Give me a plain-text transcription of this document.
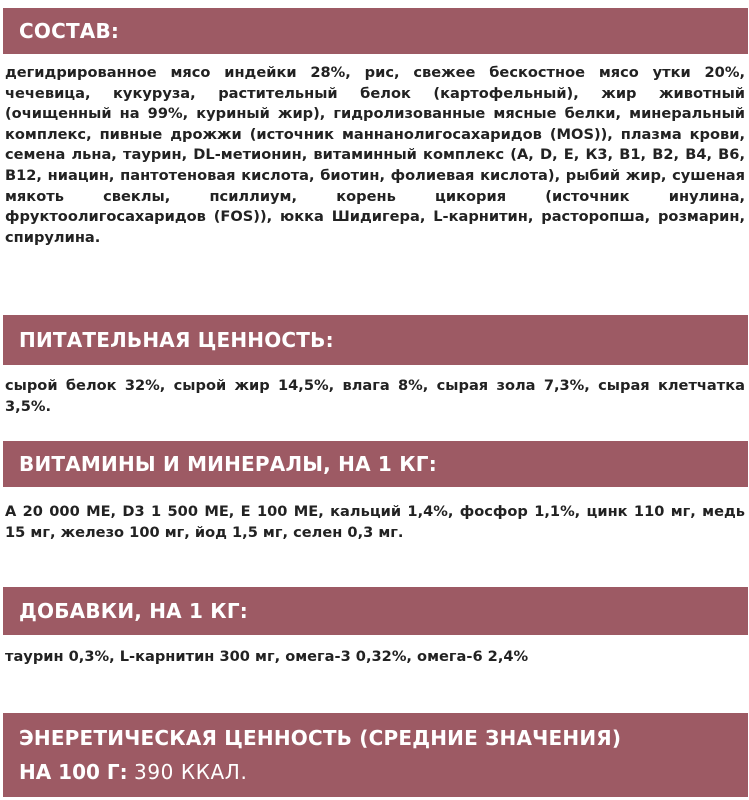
СОСТАВ:
дегидрированное мясо индейки 28%, рис, свежее бескостное мясо утки 20%, чечевица, кукуруза, растительный белок (картофельный), жир животный (очищенный на 99%, куриный жир), гидролизованные мясные белки, минеральный комплекс, пивные дрожжи (источник маннанолигосахаридов (MOS)), плазма крови, семена льна, таурин, DL-метионин, витаминный комплекс (А, D, Е, К3, В1, В2, В4, В6, В12, ниацин, пантотеновая кислота, биотин, фолиевая кислота), рыбий жир, сушеная мякоть свеклы, псиллиум, корень цикория (источник инулина, фруктоолигосахаридов (FOS)), юкка Шидигера, L-карнитин, расторопша, розмарин, спирулина.
ПИТАТЕЛЬНАЯ ЦЕННОСТЬ:
сырой белок 32%, сырой жир 14,5%, влага 8%, сырая зола 7,3%, сырая клетчатка 3,5%.
ВИТАМИНЫ И МИНЕРАЛЫ, НА 1 КГ:
А 20 000 МЕ, D3 1 500 МЕ, Е 100 МЕ, кальций 1,4%, фосфор 1,1%, цинк 110 мг, медь 15 мг, железо 100 мг, йод 1,5 мг, селен 0,3 мг.
ДОБАВКИ, НА 1 КГ:
таурин 0,3%, L-карнитин 300 мг, омега-3 0,32%, омега-6 2,4%
ЭНЕРЕТИЧЕСКАЯ ЦЕННОСТЬ (СРЕДНИЕ ЗНАЧЕНИЯ)
НА 100 Г: 390 ККАЛ.
